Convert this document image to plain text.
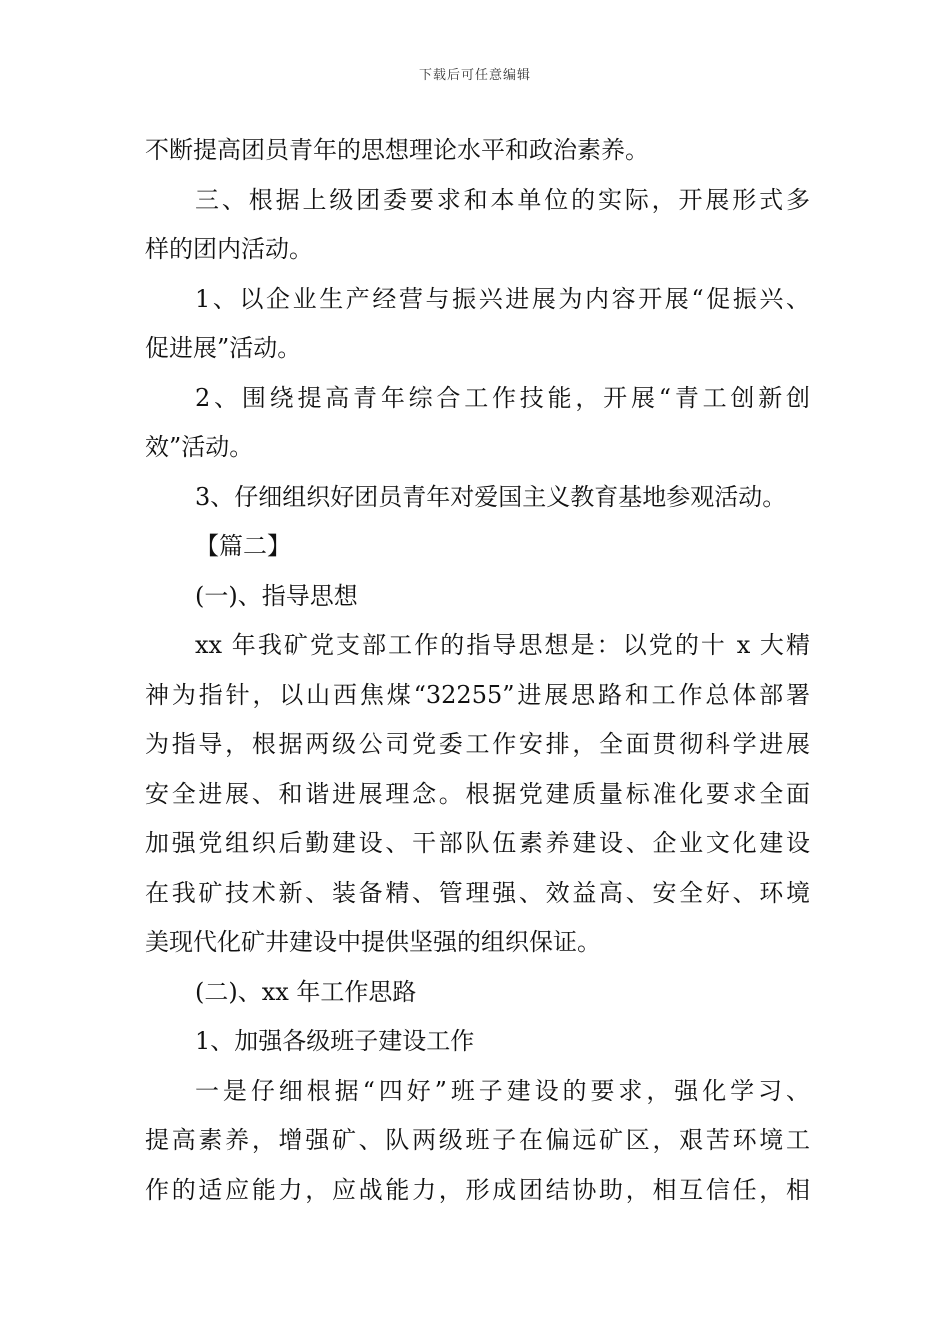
下载后可任意编辑
不断提高团员青年的思想理论水平和政治素养。
三、根据上级团委要求和本单位的实际，开展形式多
样的团内活动。
1、以企业生产经营与振兴进展为内容开展“促振兴、
促进展”活动。
2、围绕提高青年综合工作技能，开展“青工创新创
效”活动。
3、仔细组织好团员青年对爱国主义教育基地参观活动。
【篇二】
(一)、指导思想
xx 年我矿党支部工作的指导思想是：以党的十 x 大精
神为指针，以山西焦煤“32255”进展思路和工作总体部署
为指导，根据两级公司党委工作安排，全面贯彻科学进展
安全进展、和谐进展理念。根据党建质量标准化要求全面
加强党组织后勤建设、干部队伍素养建设、企业文化建设
在我矿技术新、装备精、管理强、效益高、安全好、环境
美现代化矿井建设中提供坚强的组织保证。
(二)、xx 年工作思路
1、加强各级班子建设工作
一是仔细根据“四好”班子建设的要求，强化学习、
提高素养，增强矿、队两级班子在偏远矿区，艰苦环境工
作的适应能力，应战能力，形成团结协助，相互信任，相
